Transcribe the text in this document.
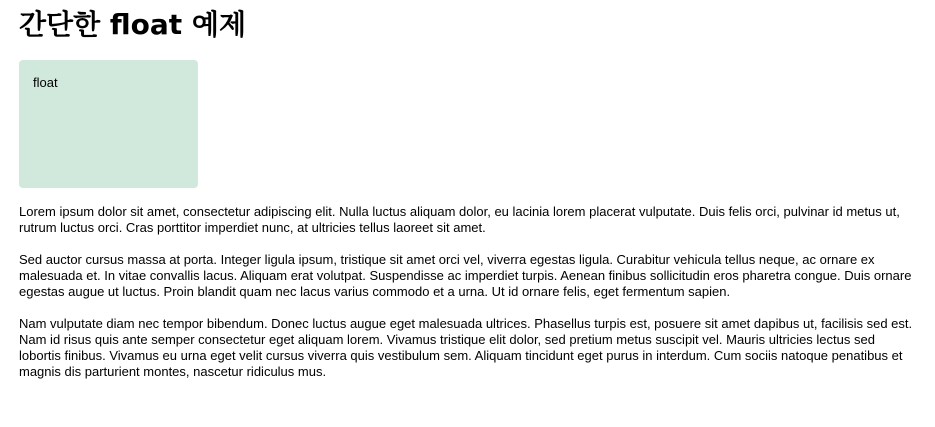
간단한 float 예제
float

Lorem ipsum dolor sit amet, consectetur adipiscing elit. Nulla luctus aliquam dolor, eu lacinia lorem placerat vulputate. Duis felis orci, pulvinar id metus ut, rutrum luctus orci. Cras porttitor imperdiet nunc, at ultricies tellus laoreet sit amet.

Sed auctor cursus massa at porta. Integer ligula ipsum, tristique sit amet orci vel, viverra egestas ligula. Curabitur vehicula tellus neque, ac ornare ex malesuada et. In vitae convallis lacus. Aliquam erat volutpat. Suspendisse ac imperdiet turpis. Aenean finibus sollicitudin eros pharetra congue. Duis ornare egestas augue ut luctus. Proin blandit quam nec lacus varius commodo et a urna. Ut id ornare felis, eget fermentum sapien.

Nam vulputate diam nec tempor bibendum. Donec luctus augue eget malesuada ultrices. Phasellus turpis est, posuere sit amet dapibus ut, facilisis sed est. Nam id risus quis ante semper consectetur eget aliquam lorem. Vivamus tristique elit dolor, sed pretium metus suscipit vel. Mauris ultricies lectus sed lobortis finibus. Vivamus eu urna eget velit cursus viverra quis vestibulum sem. Aliquam tincidunt eget purus in interdum. Cum sociis natoque penatibus et magnis dis parturient montes, nascetur ridiculus mus.
